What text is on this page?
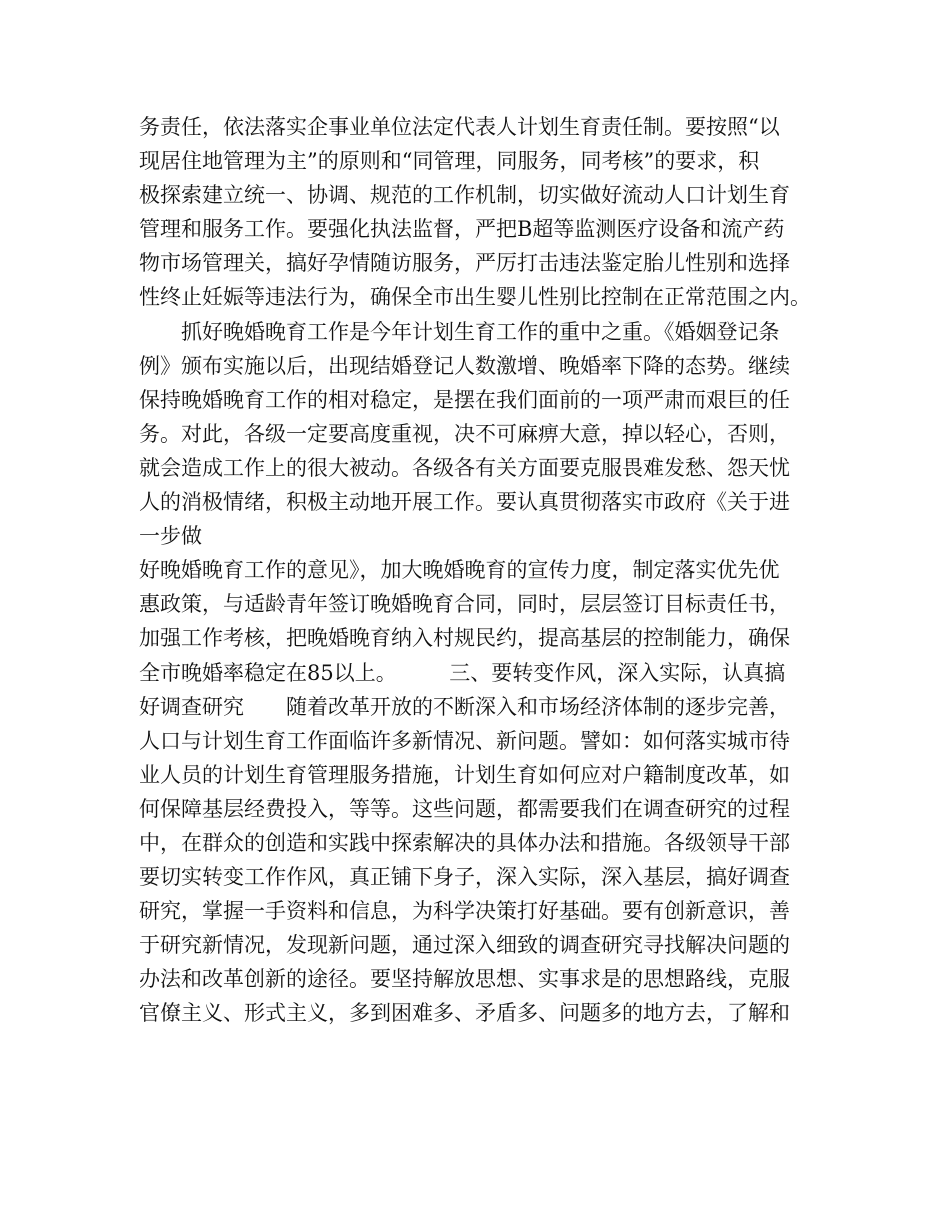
务责任，依法落实企事业单位法定代表人计划生育责任制。要按照“以
现居住地管理为主”的原则和“同管理，同服务，同考核”的要求，积
极探索建立统一、协调、规范的工作机制，切实做好流动人口计划生育
管理和服务工作。要强化执法监督，严把B超等监测医疗设备和流产药
物市场管理关，搞好孕情随访服务，严厉打击违法鉴定胎儿性别和选择
性终止妊娠等违法行为，确保全市出生婴儿性别比控制在正常范围之内。
　　抓好晚婚晚育工作是今年计划生育工作的重中之重。《婚姻登记条
例》颁布实施以后，出现结婚登记人数激增、晚婚率下降的态势。继续
保持晚婚晚育工作的相对稳定，是摆在我们面前的一项严肃而艰巨的任
务。对此，各级一定要高度重视，决不可麻痹大意，掉以轻心，否则，
就会造成工作上的很大被动。各级各有关方面要克服畏难发愁、怨天忧
人的消极情绪，积极主动地开展工作。要认真贯彻落实市政府《关于进
一步做
好晚婚晚育工作的意见》，加大晚婚晚育的宣传力度，制定落实优先优
惠政策，与适龄青年签订晚婚晚育合同，同时，层层签订目标责任书，
加强工作考核，把晚婚晚育纳入村规民约，提高基层的控制能力，确保
全市晚婚率稳定在85以上。　　　三、要转变作风，深入实际，认真搞
好调查研究　　随着改革开放的不断深入和市场经济体制的逐步完善，
人口与计划生育工作面临许多新情况、新问题。譬如：如何落实城市待
业人员的计划生育管理服务措施，计划生育如何应对户籍制度改革，如
何保障基层经费投入，等等。这些问题，都需要我们在调查研究的过程
中，在群众的创造和实践中探索解决的具体办法和措施。各级领导干部
要切实转变工作作风，真正铺下身子，深入实际，深入基层，搞好调查
研究，掌握一手资料和信息，为科学决策打好基础。要有创新意识，善
于研究新情况，发现新问题，通过深入细致的调查研究寻找解决问题的
办法和改革创新的途径。要坚持解放思想、实事求是的思想路线，克服
官僚主义、形式主义，多到困难多、矛盾多、问题多的地方去，了解和
